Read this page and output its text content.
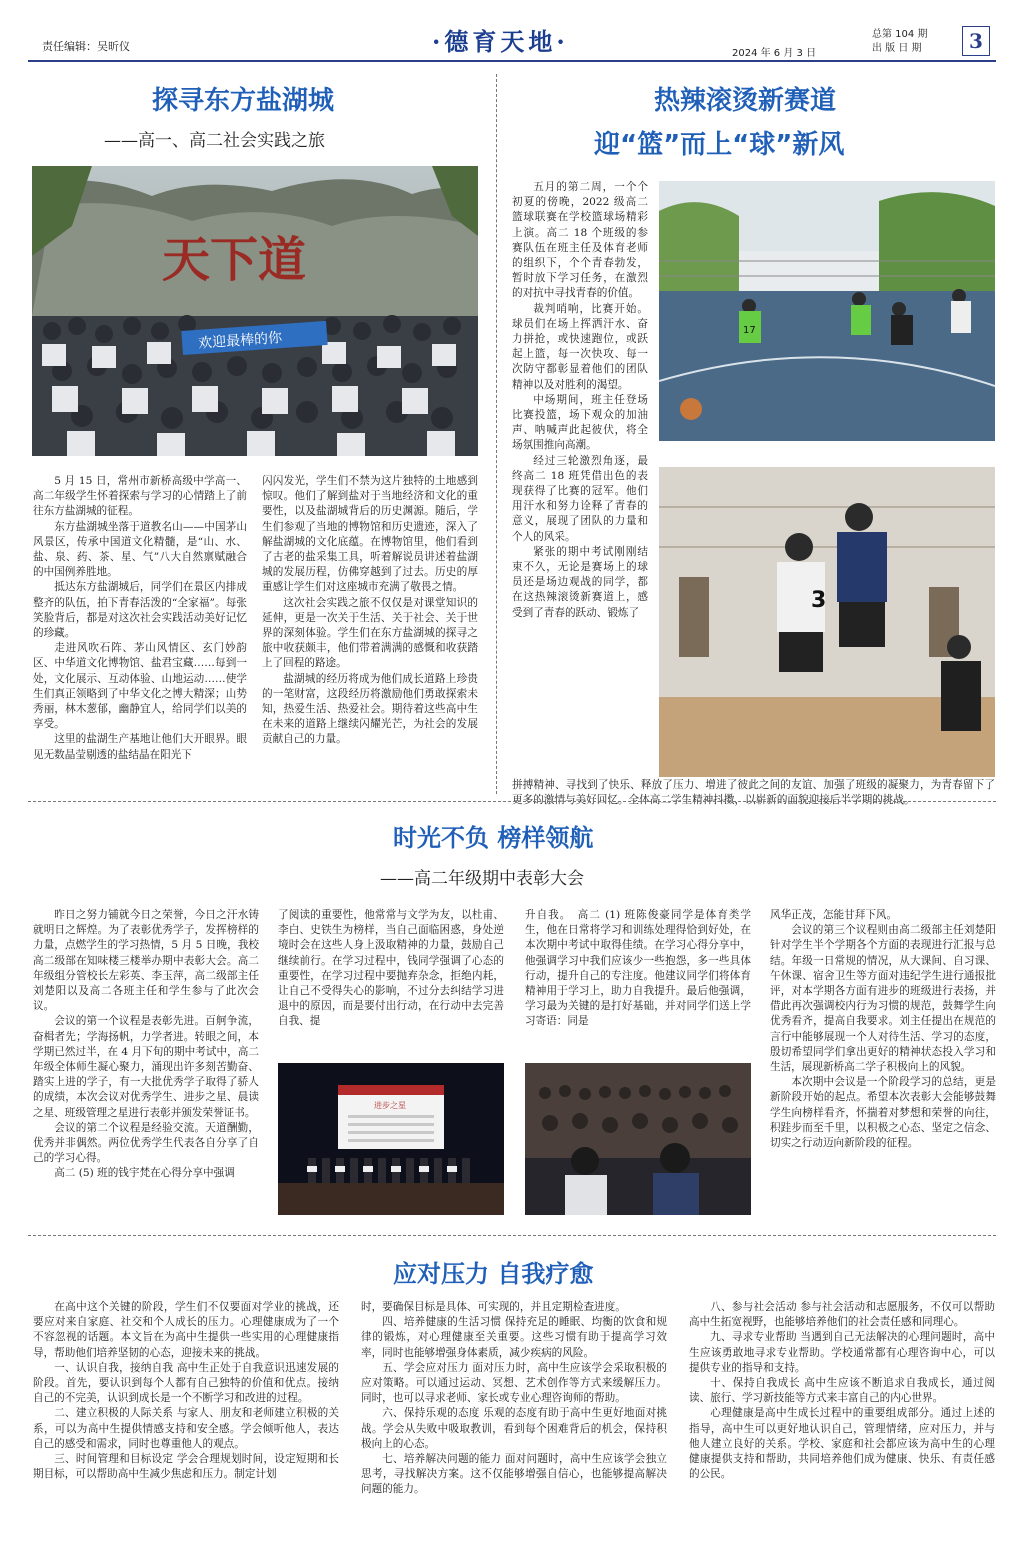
责任编辑：吴昕仪	·德育天地·	2024 年 6 月 3 日
总第 104 期
出 版 日 期	3
探寻东方盐湖城
——高一、高二社会实践之旅
天下道
欢迎最棒的你

5 月 15 日，常州市新桥高级中学高一、高二年级学生怀着探索与学习的心情踏上了前往东方盐湖城的征程。

东方盐湖城坐落于道教名山——中国茅山风景区，传承中国道文化精髓，是“山、水、盐、泉、药、茶、星、气”八大自然禀赋融合的中国例养胜地。

抵达东方盐湖城后，同学们在景区内排成整齐的队伍，拍下青春活泼的“全家福”。每张笑脸背后，都是对这次社会实践活动美好记忆的珍藏。

走进风吹石阵、茅山风情区、玄门妙韵区、中华道文化博物馆、盐君宝藏……每到一处，文化展示、互动体验、山地运动……使学生们真正领略到了中华文化之博大精深；山势秀丽，林木葱郁，幽静宜人，给同学们以美的享受。

这里的盐湖生产基地让他们大开眼界。眼见无数晶莹剔透的盐结晶在阳光下

闪闪发光，学生们不禁为这片独特的土地感到惊叹。他们了解到盐对于当地经济和文化的重要性，以及盐湖城背后的历史渊源。随后，学生们参观了当地的博物馆和历史遗迹，深入了解盐湖城的文化底蕴。在博物馆里，他们看到了古老的盐采集工具，听着解说员讲述着盐湖城的发展历程，仿佛穿越到了过去。历史的厚重感让学生们对这座城市充满了敬畏之情。

这次社会实践之旅不仅仅是对课堂知识的延伸，更是一次关于生活、关于社会、关于世界的深刻体验。学生们在东方盐湖城的探寻之旅中收获颇丰，他们带着满满的感慨和收获踏上了回程的路途。

盐湖城的经历将成为他们成长道路上珍贵的一笔财富，这段经历将激励他们勇敢探索未知，热爱生活、热爱社会。期待着这些高中生在未来的道路上继续闪耀光芒，为社会的发展贡献自己的力量。

热辣滚烫新赛道
迎“篮”而上“球”新风

五月的第二周，一个个初夏的傍晚，2022 级高二篮球联赛在学校篮球场精彩上演。高二 18 个班级的参赛队伍在班主任及体育老师的组织下，个个青春勃发，暂时放下学习任务，在激烈的对抗中寻找青春的价值。

裁判哨响，比赛开始。球员们在场上挥洒汗水、奋力拼抢，或快速跑位，或跃起上篮，每一次快攻、每一次防守都彰显着他们的团队精神以及对胜利的渴望。

中场期间，班主任登场比赛投篮，场下观众的加油声、呐喊声此起彼伏，将全场氛围推向高潮。

经过三轮激烈角逐，最终高二 18 班凭借出色的表现获得了比赛的冠军。他们用汗水和努力诠释了青春的意义，展现了团队的力量和个人的风采。

紧张的期中考试刚刚结束不久，无论是赛场上的球员还是场边观战的同学，都在这热辣滚烫新赛道上，感受到了青春的跃动、锻炼了

17
3

拼搏精神、寻找到了快乐、释放了压力、增进了彼此之间的友谊、加强了班级的凝聚力，为青春留下了更多的激情与美好回忆。全体高二学生精神抖擞，以崭新的面貌迎接后半学期的挑战。

时光不负 榜样领航
——高二年级期中表彰大会

昨日之努力铺就今日之荣誉，今日之汗水铸就明日之辉煌。为了表彰优秀学子，发挥榜样的力量，点燃学生的学习热情，5 月 5 日晚，我校高二级部在知味楼三楼举办期中表彰大会。高二年级组分管校长左彩英、李玉萍，高二级部主任刘楚阳以及高二各班主任和学生参与了此次会议。

会议的第一个议程是表彰先进。百舸争流，奋楫者先；学海扬帆，力学者进。转眼之间，本学期已然过半，在 4 月下旬的期中考试中，高二年级全体师生凝心聚力，涌现出许多刻苦勤奋、踏实上进的学子，有一大批优秀学子取得了骄人的成绩，本次会议对优秀学生、进步之星、晨读之星、班级管理之星进行表彰并颁发荣誉证书。

会议的第二个议程是经验交流。天道酬勤，优秀并非偶然。两位优秀学生代表各自分享了自己的学习心得。

高二 (5) 班的钱宇梵在心得分享中强调

了阅读的重要性，他常常与文学为友，以杜甫、李白、史铁生为榜样，当自己面临困惑，身处逆境时会在这些人身上汲取精神的力量，鼓励自己继续前行。在学习过程中，钱同学强调了心态的重要性，在学习过程中要抛弃杂念，拒绝内耗，让自己不受得失心的影响，不过分去纠结学习进退中的原因，而是要付出行动，在行动中去完善自我、提

升自我。　高二 (1) 班陈俊豪同学是体育类学生，他在日常将学习和训练处理得恰到好处，在本次期中考试中取得佳绩。在学习心得分享中，他强调学习中我们应该少一些抱怨，多一些具体行动，提升自己的专注度。他建议同学们将体育精神用于学习上，助力自我提升。最后他强调，学习最为关键的是打好基础，并对同学们送上学习寄语：同是

风华正茂，怎能甘拜下风。

会议的第三个议程则由高二级部主任刘楚阳针对学生半个学期各个方面的表现进行汇报与总结。年级一日常规的情况，从大课间、自习课、午休课、宿舍卫生等方面对违纪学生进行通报批评，对本学期各方面有进步的班级进行表扬，并借此再次强调校内行为习惯的规范，鼓舞学生向优秀看齐，提高自我要求。刘主任提出在规范的言行中能够展现一个人对待生活、学习的态度，殷切希望同学们拿出更好的精神状态投入学习和生活，展现新桥高二学子积极向上的风貌。

本次期中会议是一个阶段学习的总结，更是新阶段开始的起点。希望本次表彰大会能够鼓舞学生向榜样看齐，怀揣着对梦想和荣誉的向往，积跬步而至千里，以积极之心态、坚定之信念、切实之行动迈向新阶段的征程。

进步之星
应对压力 自我疗愈

在高中这个关键的阶段，学生们不仅要面对学业的挑战，还要应对来自家庭、社交和个人成长的压力。心理健康成为了一个不容忽视的话题。本文旨在为高中生提供一些实用的心理健康指导，帮助他们培养坚韧的心态，迎接未来的挑战。

一、认识自我，接纳自我 高中生正处于自我意识迅速发展的阶段。首先，要认识到每个人都有自己独特的价值和优点。接纳自己的不完美，认识到成长是一个不断学习和改进的过程。

二、建立积极的人际关系 与家人、朋友和老师建立积极的关系，可以为高中生提供情感支持和安全感。学会倾听他人，表达自己的感受和需求，同时也尊重他人的观点。

三、时间管理和目标设定 学会合理规划时间，设定短期和长期目标，可以帮助高中生减少焦虑和压力。制定计划

时，要确保目标是具体、可实现的，并且定期检查进度。

四、培养健康的生活习惯 保持充足的睡眠、均衡的饮食和规律的锻炼，对心理健康至关重要。这些习惯有助于提高学习效率，同时也能够增强身体素质，减少疾病的风险。

五、学会应对压力 面对压力时，高中生应该学会采取积极的应对策略。可以通过运动、冥想、艺术创作等方式来缓解压力。同时，也可以寻求老师、家长或专业心理咨询师的帮助。

六、保持乐观的态度 乐观的态度有助于高中生更好地面对挑战。学会从失败中吸取教训，看到每个困难背后的机会，保持积极向上的心态。

七、培养解决问题的能力 面对问题时，高中生应该学会独立思考，寻找解决方案。这不仅能够增强自信心，也能够提高解决问题的能力。

八、参与社会活动 参与社会活动和志愿服务，不仅可以帮助高中生拓宽视野，也能够培养他们的社会责任感和同理心。

九、寻求专业帮助 当遇到自己无法解决的心理问题时，高中生应该勇敢地寻求专业帮助。学校通常都有心理咨询中心，可以提供专业的指导和支持。

十、保持自我成长 高中生应该不断追求自我成长，通过阅读、旅行、学习新技能等方式来丰富自己的内心世界。

心理健康是高中生成长过程中的重要组成部分。通过上述的指导，高中生可以更好地认识自己，管理情绪，应对压力，并与他人建立良好的关系。学校、家庭和社会都应该为高中生的心理健康提供支持和帮助，共同培养他们成为健康、快乐、有责任感的公民。
